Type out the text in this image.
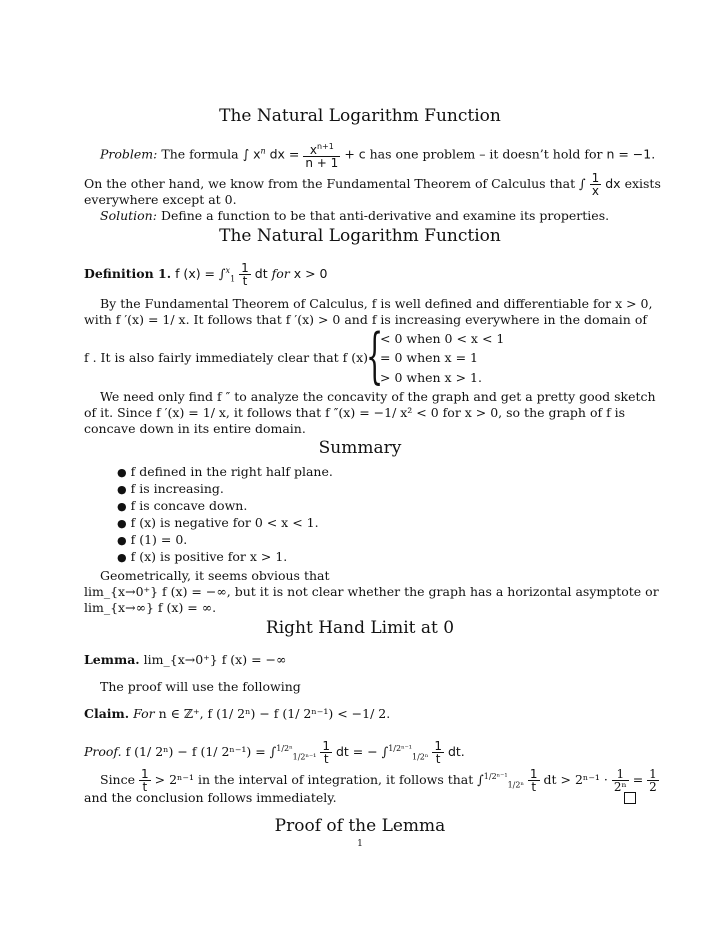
The Natural Logarithm Function
Problem: The formula ∫ $x^n$ dx = $\frac{x^{n+1}}{n + 1} + c$ has one problem – it doesn’t hold for n = −1.
On the other hand, we know from the Fundamental Theorem of Calculus that ∫ $\frac{1}{x}$ dx exists
everywhere except at 0.
Solution: Define a function to be that anti-derivative and examine its properties.
The Natural Logarithm Function
Definition 1. f $(x) = \int^x_1 \frac{1}{t}$ dt for x > 0
By the Fundamental Theorem of Calculus, f is well defined and differentiable for x > 0,
with f ′(x) = 1/ x. It follows that f ′(x) > 0 and f is increasing everywhere in the domain of
f . It is also fairly immediately clear that f (x)
{
< 0 when 0 < x < 1
= 0 when x = 1
> 0 when x > 1.
We need only find f ″ to analyze the concavity of the graph and get a pretty good sketch
of it. Since f ′(x) = 1/ x, it follows that f ″(x) = −1/ x² < 0 for x > 0, so the graph of f is
concave down in its entire domain.
Summary
● f defined in the right half plane.
● f is increasing.
● f is concave down.
● f (x) is negative for 0 < x < 1.
● f (1) = 0.
● f (x) is positive for x > 1.
Geometrically, it seems obvious that
lim_{x→0⁺} f (x) = −∞, but it is not clear whether the graph has a horizontal asymptote or
lim_{x→∞} f (x) = ∞.
Right Hand Limit at 0
Lemma. lim_{x→0⁺} f (x) = −∞
The proof will use the following
Claim. For n ∈ ℤ⁺, f (1/ 2ⁿ) − f (1/ 2ⁿ⁻¹) < −1/ 2.
Proof. f (1/ 2ⁿ) − f (1/ $2^{n-1}) = \int^{1/2^n}_{1/2^{n-1}} \frac{1}{t}$ dt = − $\int^{1/2^{n-1}}_{1/2^n} \frac{1}{t}$ dt.
Since $\frac{1}{t} > 2^{n-1}$ in the interval of integration, it follows that $\int^{1/2^{n-1}}_{1/2^n} \frac{1}{t}$ dt > $2^{n-1} \cdot \frac{1}{\text{2ⁿ}} = \frac{1}{2}$
and the conclusion follows immediately.
Proof of the Lemma
1
